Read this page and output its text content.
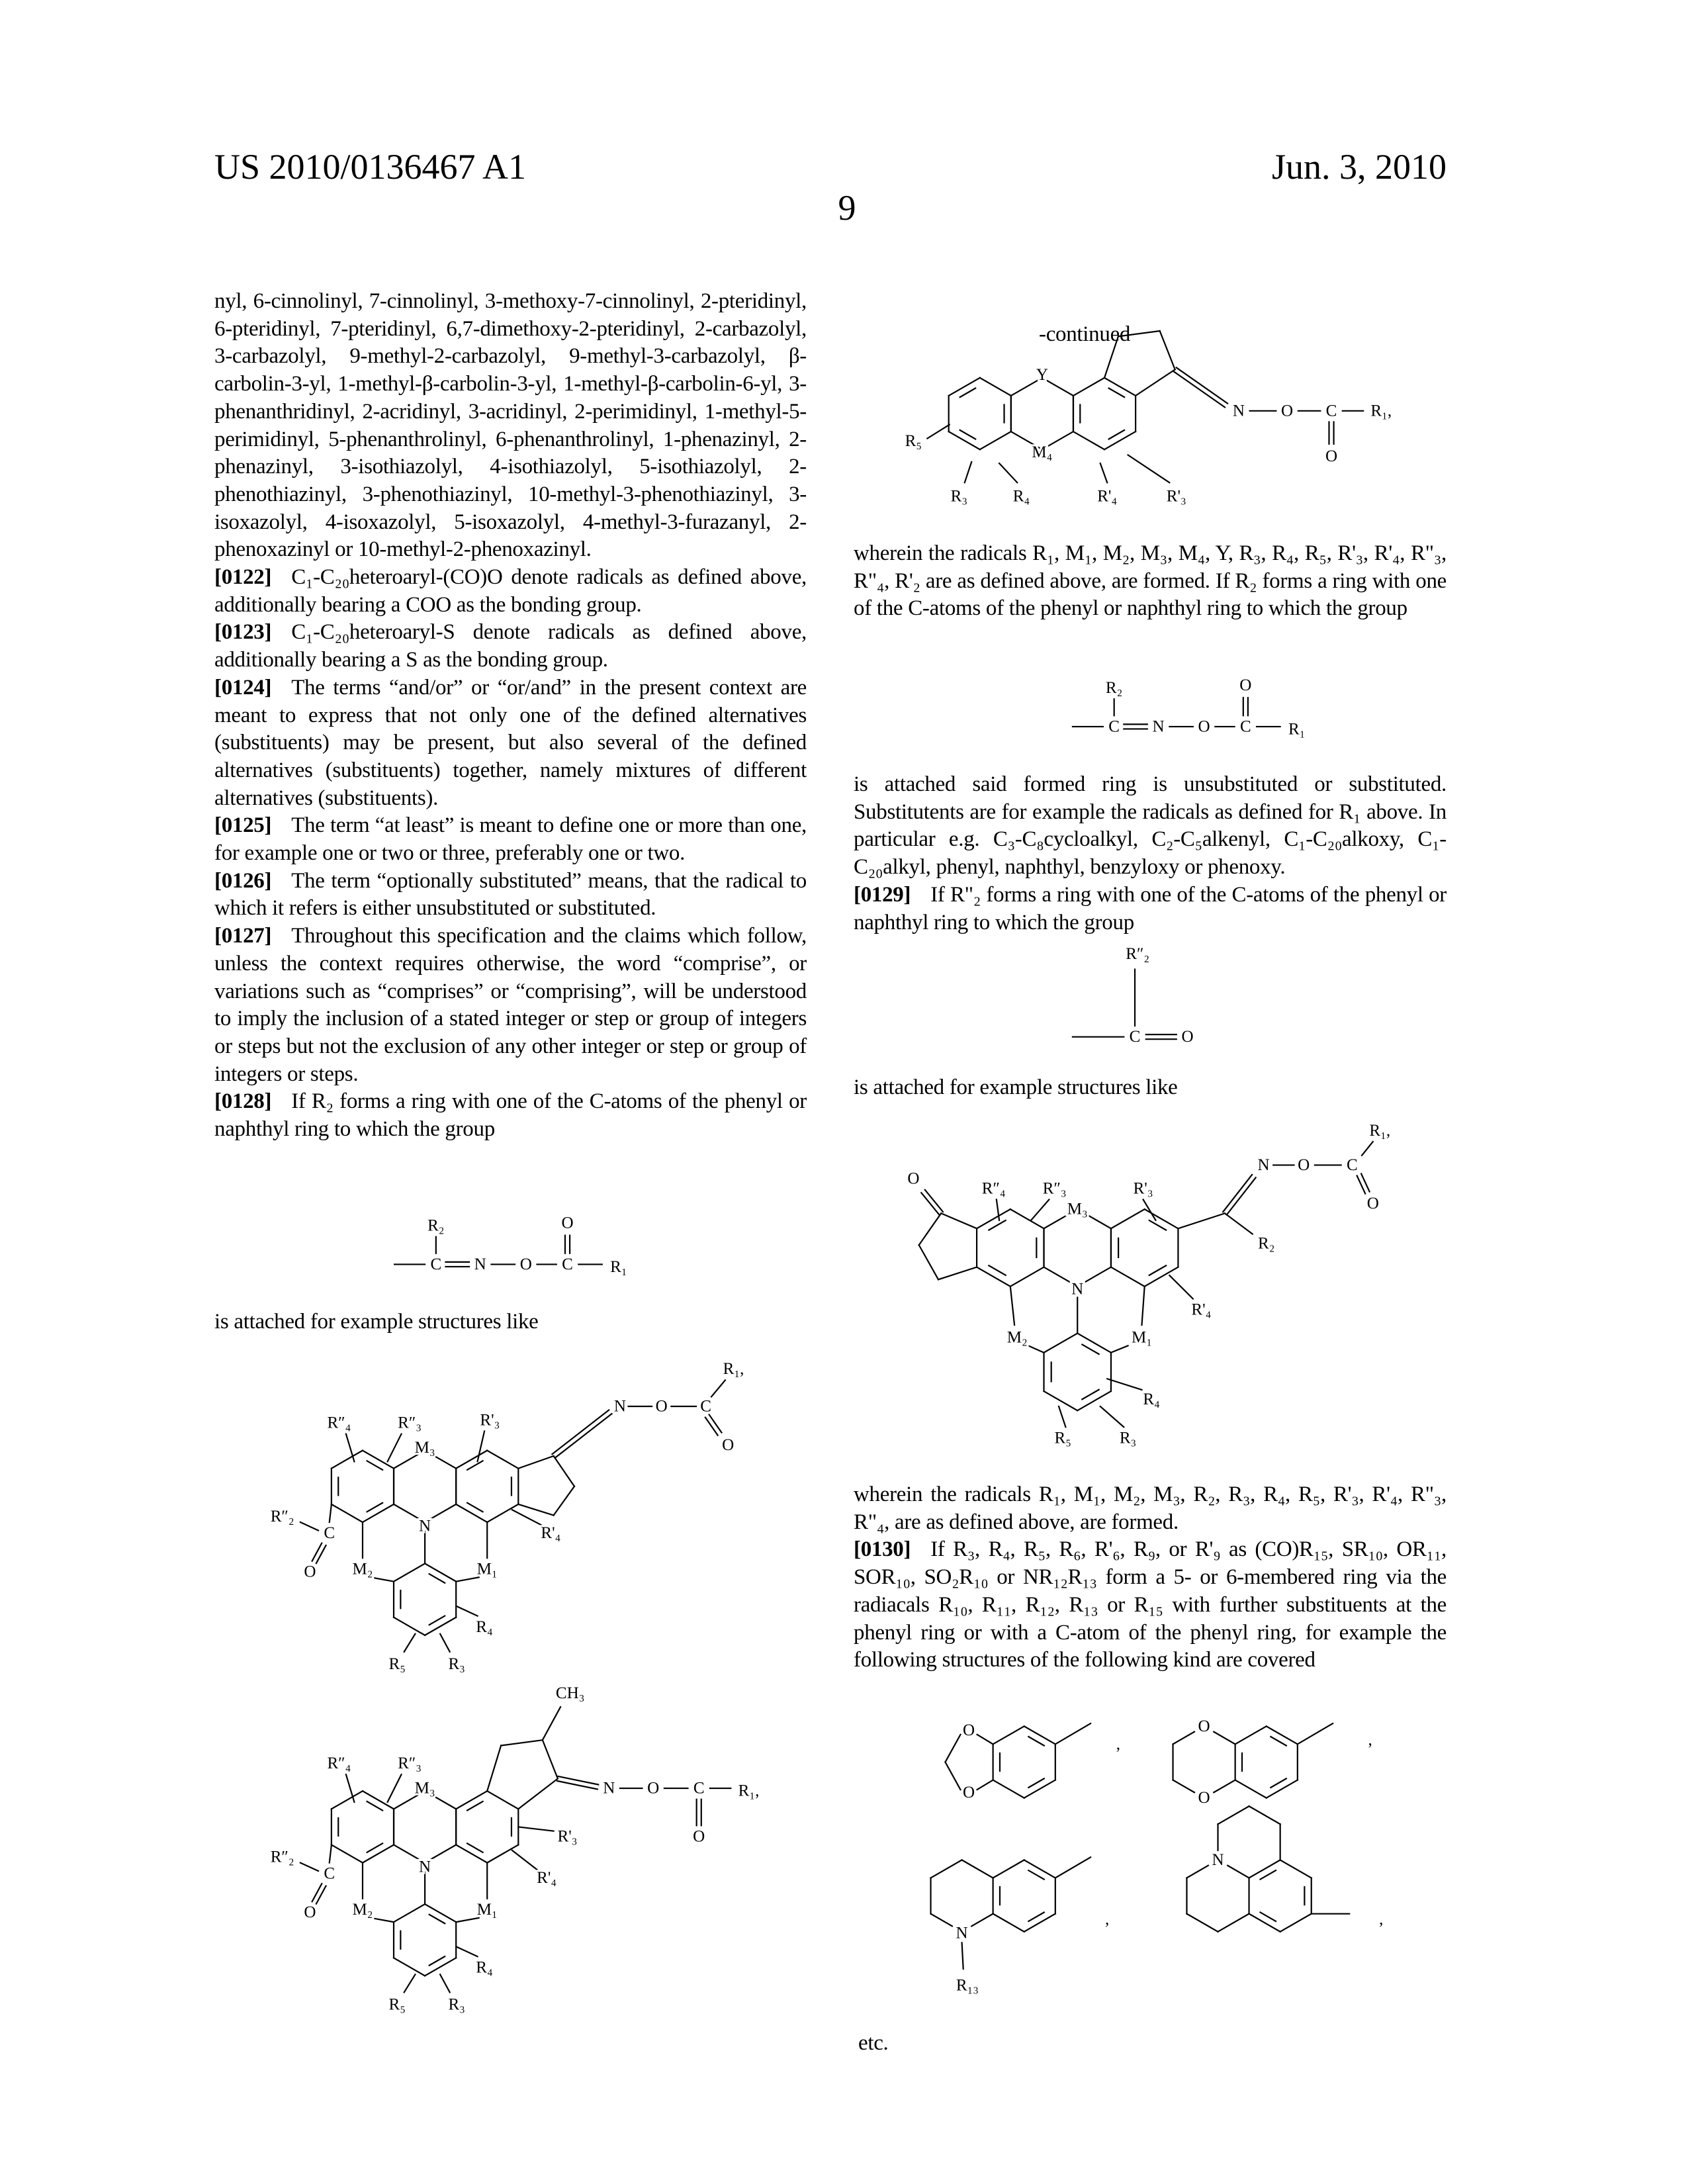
US 2010/0136467 A1	Jun. 3, 2010
9

nyl, 6-cinnolinyl, 7-cinnolinyl, 3-methoxy-7-cinnolinyl, 2-pteridinyl, 6-pteridinyl, 7-pteridinyl, 6,7-dimethoxy-2-pteridinyl, 2-carbazolyl, 3-carbazolyl, 9-methyl-2-carbazolyl, 9-methyl-3-carbazolyl, β-carbolin-3-yl, 1-methyl-β-carbolin-3-yl, 1-methyl-β-carbolin-6-yl, 3-phenanthridinyl, 2-acridinyl, 3-acridinyl, 2-perimidinyl, 1-methyl-5-perimidinyl, 5-phenanthrolinyl, 6-phenanthrolinyl, 1-phenazinyl, 2-phenazinyl, 3-isothiazolyl, 4-isothiazolyl, 5-isothiazolyl, 2-phenothiazinyl, 3-phenothiazinyl, 10-methyl-3-phenothiazinyl, 3-isoxazolyl, 4-isoxazolyl, 5-isoxazolyl, 4-methyl-3-furazanyl, 2-phenoxazinyl or 10-methyl-2-phenoxazinyl.

[0122] C₁-C₂₀heteroaryl-(CO)O denote radicals as defined above, additionally bearing a COO as the bonding group.

[0123] C₁-C₂₀heteroaryl-S denote radicals as defined above, additionally bearing a S as the bonding group.

[0124] The terms “and/or” or “or/and” in the present context are meant to express that not only one of the defined alternatives (substituents) may be present, but also several of the defined alternatives (substituents) together, namely mixtures of different alternatives (substituents).

[0125] The term “at least” is meant to define one or more than one, for example one or two or three, preferably one or two.

[0126] The term “optionally substituted” means, that the radical to which it refers is either unsubstituted or substituted.

[0127] Throughout this specification and the claims which follow, unless the context requires otherwise, the word “comprise”, or variations such as “comprises” or “comprising”, will be understood to imply the inclusion of a stated integer or step or group of integers or steps but not the exclusion of any other integer or step or group of integers or steps.

[0128] If R₂ forms a ring with one of the C-atoms of the phenyl or naphthyl ring to which the group

is attached for example structures like
-continued
wherein the radicals R₁, M₁, M₂, M₃, M₄, Y, R₃, R₄, R₅, R'₃, R'₄, R"₃, R"₄, R'₂ are as defined above, are formed. If R₂ forms a ring with one of the C-atoms of the phenyl or naphthyl ring to which the group

is attached said formed ring is unsubstituted or substituted. Substitutents are for example the radicals as defined for R₁ above. In particular e.g. C₃-C₈cycloalkyl, C₂-C₅alkenyl, C₁-C₂₀alkoxy, C₁-C₂₀alkyl, phenyl, naphthyl, benzyloxy or phenoxy.

[0129] If R"₂ forms a ring with one of the C-atoms of the phenyl or naphthyl ring to which the group

is attached for example structures like

wherein the radicals R₁, M₁, M₂, M₃, R₂, R₃, R₄, R₅, R'₃, R'₄, R"₃, R"₄, are as defined above, are formed.

[0130] If R₃, R₄, R₅, R₆, R'₆, R₉, or R'₉ as (CO)R₁₅, SR₁₀, OR₁₁, SOR₁₀, SO₂R₁₀ or NR₁₂R₁₃ form a 5- or 6-membered ring via the radiacals R₁₀, R₁₁, R₁₂, R₁₃ or R₁₅ with further substituents at the phenyl ring or with a C-atom of the phenyl ring, for example the following structures of the following kind are covered

etc.
R₂	O
C	N	O	C	R₁
R₂	O
C	N	O	C	R₁
R″₂
C	O
R″₄	R″₃
M₃
R'₃
N	O	C
R₁,
O
R″₂
C
O
N	R'₄
M₂	M₁
R₄
R₅	R₃
CH₃
R″₄	R″₃
M₃	N	O	C	R₁,
O
R'₃
R″₂
C
O
N
R'₄
M₂	M₁
R₄
R₅	R₃
Y
N	O	C	R₁,
O
R₅
R₃	R₄
M₄
R'₄	R'₃
O
R″₄	R″₃
M₃
R'₃
N	O	C
R₁,
O
R₂
N
R'₄
M₂	M₁
R₄
R₅	R₃
O
O
,
O
O
,
N
R₁₃
,
N
,
